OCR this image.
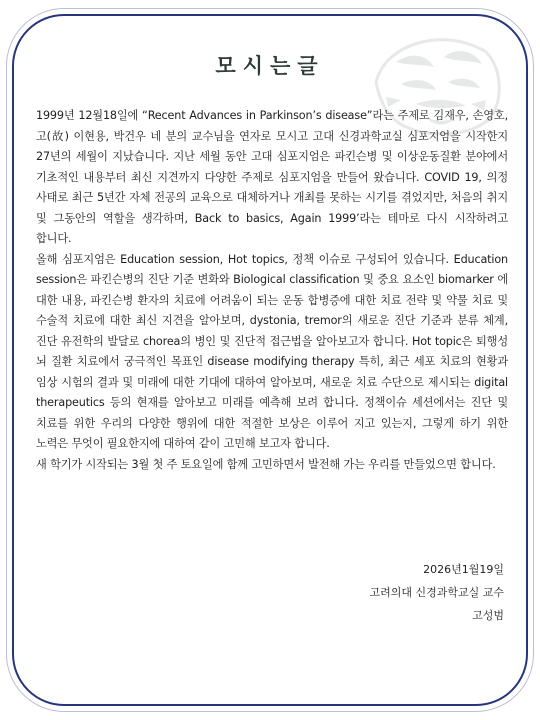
모시는글

1999년 12월18일에 “Recent Advances in Parkinson’s disease”라는 주제로 김재우, 손영호, 고(故) 이현용, 박건우 네 분의 교수님을 연자로 모시고 고대 신경과학교실 심포지엄을 시작한지 27년의 세월이 지났습니다. 지난 세월 동안 고대 심포지엄은 파킨슨병 및 이상운동질환 분야에서 기초적인 내용부터 최신 지견까지 다양한 주제로 심포지엄을 만들어 왔습니다. COVID 19, 의정 사태로 최근 5년간 자체 전공의 교육으로 대체하거나 개최를 못하는 시기를 겪었지만, 처음의 취지 및 그동안의 역할을 생각하며, Back to basics, Again 1999’라는 테마로 다시 시작하려고 합니다.

올해 심포지엄은 Education session, Hot topics, 정책 이슈로 구성되어 있습니다. Education session은 파킨슨병의 진단 기준 변화와 Biological classification 및 중요 요소인 biomarker 에 대한 내용, 파킨슨병 환자의 치료에 어려움이 되는 운동 합병증에 대한 치료 전략 및 약물 치료 및 수술적 치료에 대한 최신 지견을 알아보며, dystonia, tremor의 새로운 진단 기준과 분류 체계, 진단 유전학의 발달로 chorea의 병인 및 진단적 접근법을 알아보고자 합니다. Hot topic은 퇴행성 뇌 질환 치료에서 궁극적인 목표인 disease modifying therapy 특히, 최근 세포 치료의 현황과 임상 시험의 결과 및 미래에 대한 기대에 대하여 알아보며, 새로운 치료 수단으로 제시되는 digital therapeutics 등의 현재를 알아보고 미래를 예측해 보려 합니다. 정책이슈 세션에서는 진단 및 치료를 위한 우리의 다양한 행위에 대한 적절한 보상은 이루어 지고 있는지, 그렇게 하기 위한 노력은 무엇이 필요한지에 대하여 같이 고민해 보고자 합니다.

새 학기가 시작되는 3월 첫 주 토요일에 함께 고민하면서 발전해 가는 우리를 만들었으면 합니다.

2026년1월19일
고려의대 신경과학교실 교수
고성범
